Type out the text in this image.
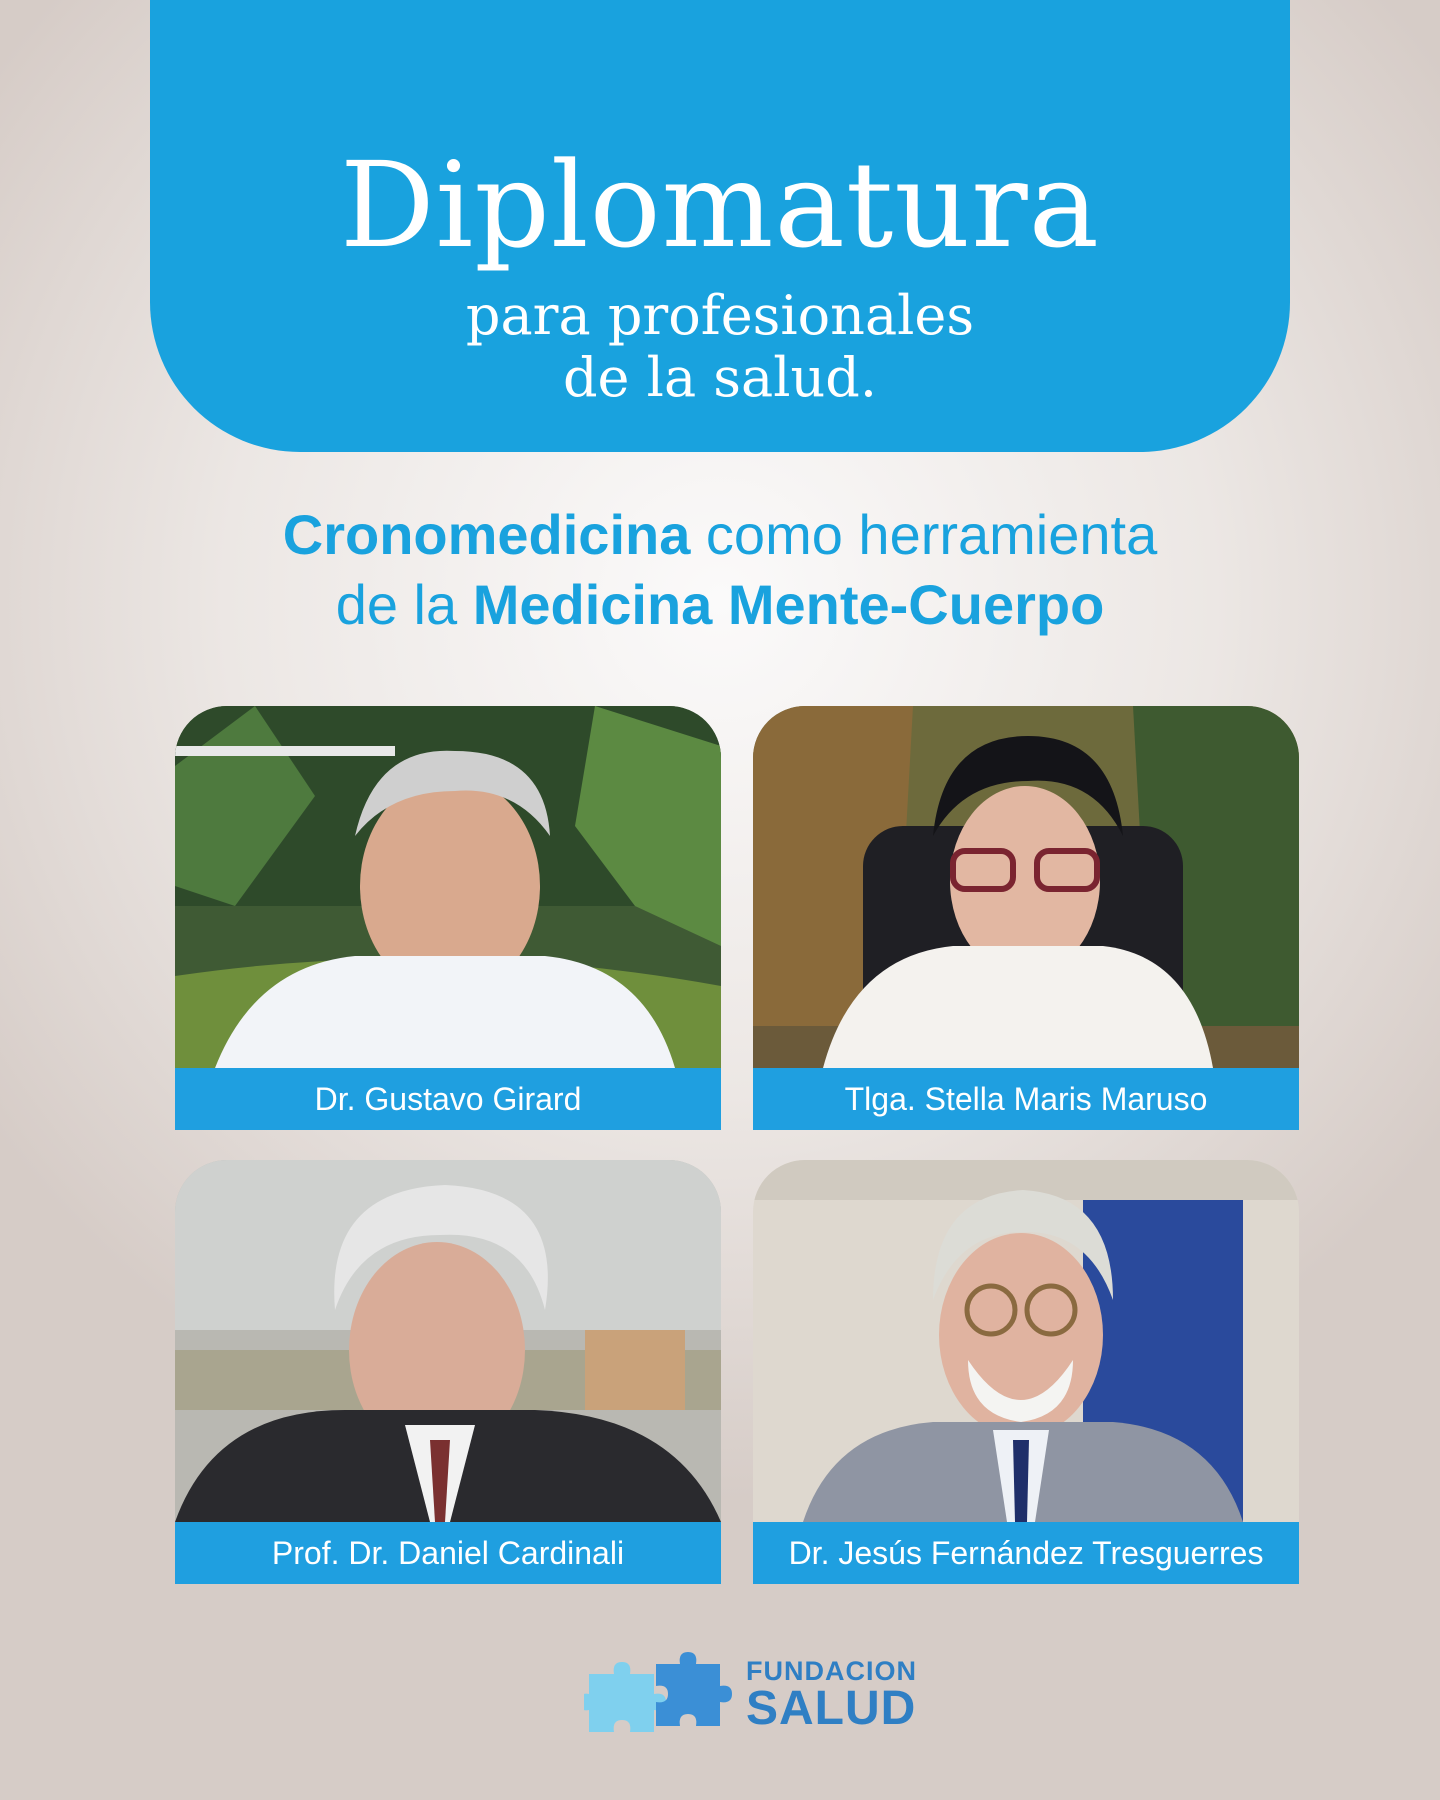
Diplomatura
para profesionales
de la salud.
Cronomedicina como herramienta
de la Medicina Mente-Cuerpo
Dr. Gustavo Girard	Tlga. Stella Maris Maruso
Prof. Dr. Daniel Cardinali	Dr. Jesús Fernández Tresguerres
FUNDACION
SALUD
